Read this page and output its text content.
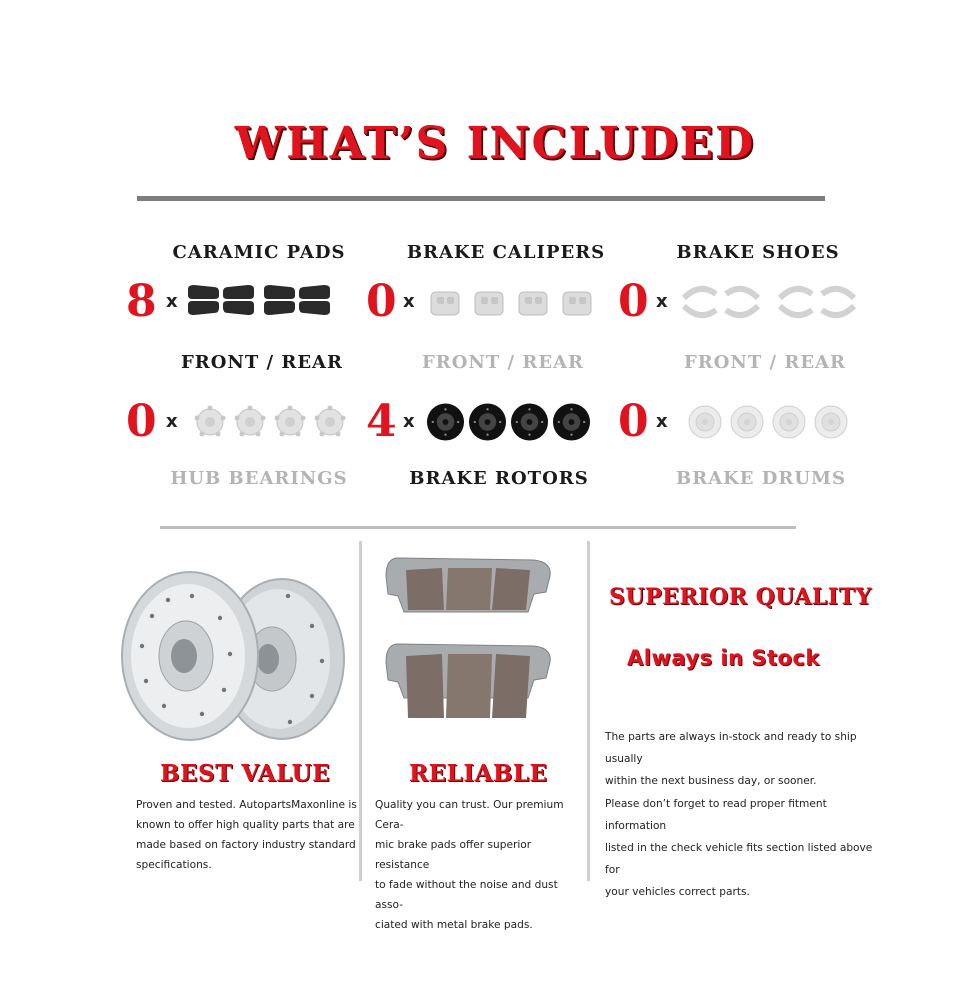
WHAT’S INCLUDED
CARAMIC PADS	BRAKE CALIPERS	BRAKE SHOES
8 x	0 x	0 x
FRONT / REAR	FRONT / REAR	FRONT / REAR
0 x	4 x	0 x
HUB BEARINGS	BRAKE ROTORS	BRAKE DRUMS
BEST VALUE
Proven and tested. AutopartsMaxonline is
known to offer high quality parts that are
made based on factory industry standard
specifications.
RELIABLE
Quality you can trust. Our premium Cera-
mic brake pads offer superior resistance
to fade without the noise and dust asso-
ciated with metal brake pads.
SUPERIOR QUALITY
Always in Stock
The parts are always in-stock and ready to ship usually
within the next business day, or sooner.
Please don’t forget to read proper fitment information
listed in the check vehicle fits section listed above for
your vehicles correct parts.
